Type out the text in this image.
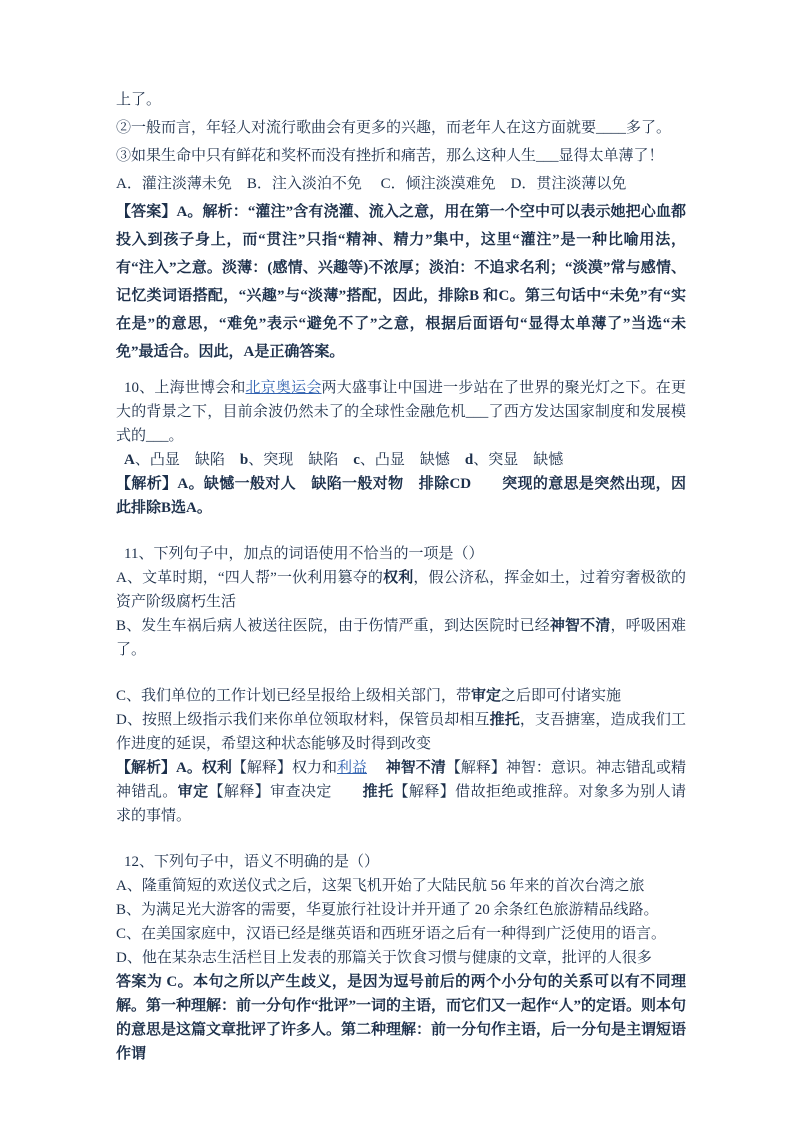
上了。

②一般而言，年轻人对流行歌曲会有更多的兴趣，而老年人在这方面就要____多了。

③如果生命中只有鲜花和奖杯而没有挫折和痛苦，那么这种人生___显得太单薄了！

A．灌注淡薄未免　B．注入淡泊不免　 C．倾注淡漠难免　D．贯注淡薄以免

【答案】A。解析：“灌注”含有浇灌、流入之意，用在第一个空中可以表示她把心血都投入到孩子身上，而“贯注”只指“精神、精力”集中，这里“灌注”是一种比喻用法，有“注入”之意。淡薄：(感情、兴趣等)不浓厚；淡泊：不追求名利；“淡漠”常与感情、记忆类词语搭配，“兴趣”与“淡薄”搭配，因此，排除B 和C。第三句话中“未免”有“实在是”的意思，“难免”表示“避免不了”之意，根据后面语句“显得太单薄了”当选“未免”最适合。因此，A是正确答案。

10、上海世博会和北京奥运会两大盛事让中国进一步站在了世界的聚光灯之下。在更大的背景之下，目前余波仍然未了的全球性金融危机___了西方发达国家制度和发展模式的___。

A、凸显　缺陷　b、突现　缺陷　c、凸显　缺憾　d、突显　缺憾

【解析】A。缺憾一般对人　缺陷一般对物　排除CD　　突现的意思是突然出现，因此排除B选A。

11、下列句子中，加点的词语使用不恰当的一项是（）

A、文革时期，“四人帮”一伙利用篡夺的权利，假公济私，挥金如土，过着穷奢极欲的资产阶级腐朽生活

B、发生车祸后病人被送往医院，由于伤情严重，到达医院时已经神智不清，呼吸困难了。

C、我们单位的工作计划已经呈报给上级相关部门，带审定之后即可付诸实施

D、按照上级指示我们来你单位领取材料，保管员却相互推托，支吾搪塞，造成我们工作进度的延误，希望这种状态能够及时得到改变

【解析】A。权利【解释】权力和利益　 神智不清【解释】神智：意识。神志错乱或精神错乱。审定【解释】审查决定　　推托【解释】借故拒绝或推辞。对象多为别人请求的事情。

12、下列句子中，语义不明确的是（）

A、隆重简短的欢送仪式之后，这架飞机开始了大陆民航 56 年来的首次台湾之旅

B、为满足光大游客的需要，华夏旅行社设计并开通了 20 余条红色旅游精品线路。

C、在美国家庭中，汉语已经是继英语和西班牙语之后有一种得到广泛使用的语言。

D、他在某杂志生活栏目上发表的那篇关于饮食习惯与健康的文章，批评的人很多

答案为 C。本句之所以产生歧义，是因为逗号前后的两个小分句的关系可以有不同理解。第一种理解：前一分句作“批评”一词的主语，而它们又一起作“人”的定语。则本句的意思是这篇文章批评了许多人。第二种理解：前一分句作主语，后一分句是主谓短语作谓
